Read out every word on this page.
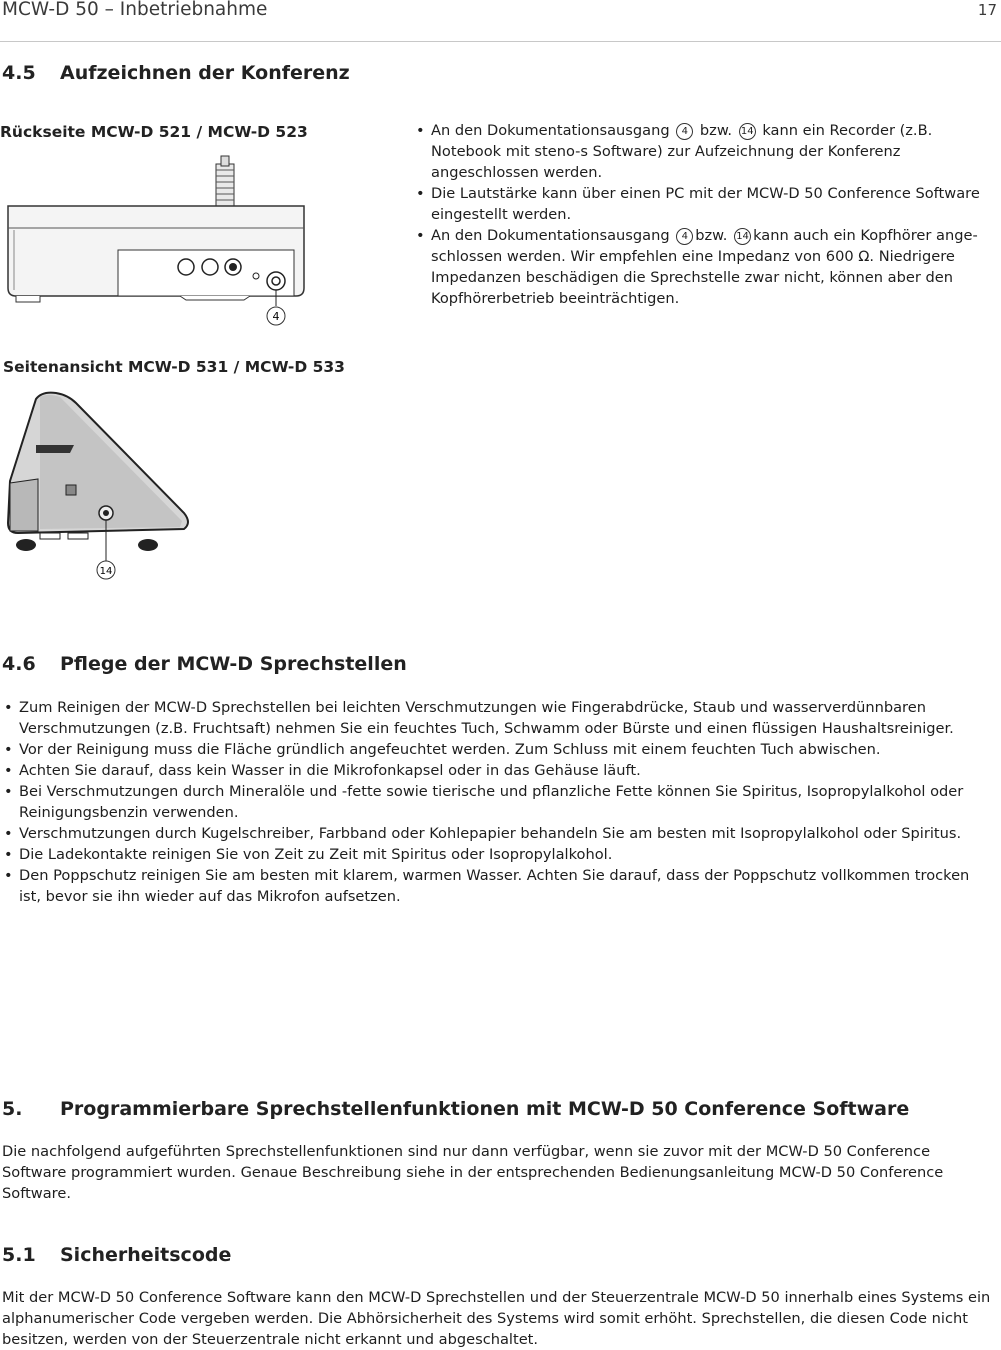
MCW-D 50 – Inbetriebnahme	17
4.5 Aufzeichnen der Konferenz
Rückseite MCW-D 521 / MCW-D 523
4
Seitenansicht MCW-D 531 / MCW-D 533
14
• An den Dokumentationsausgang 4 bzw. 14 kann ein Recorder (z.B. Notebook mit steno-s Software) zur Aufzeichnung der Konferenz angeschlossen werden.
• Die Lautstärke kann über einen PC mit der MCW-D 50 Conference Software eingestellt werden.
• An den Dokumentationsausgang 4 bzw. 14 kann auch ein Kopfhörer ange-schlossen werden. Wir empfehlen eine Impedanz von 600 Ω. Niedrigere Impedanzen beschädigen die Sprechstelle zwar nicht, können aber den Kopfhörerbetrieb beeinträchtigen.
4.6 Pflege der MCW-D Sprechstellen
• Zum Reinigen der MCW-D Sprechstellen bei leichten Verschmutzungen wie Fingerabdrücke, Staub und wasserverdünnbaren Verschmutzungen (z.B. Fruchtsaft) nehmen Sie ein feuchtes Tuch, Schwamm oder Bürste und einen flüssigen Haushaltsreiniger.
• Vor der Reinigung muss die Fläche gründlich angefeuchtet werden. Zum Schluss mit einem feuchten Tuch abwischen.
• Achten Sie darauf, dass kein Wasser in die Mikrofonkapsel oder in das Gehäuse läuft.
• Bei Verschmutzungen durch Mineralöle und -fette sowie tierische und pflanzliche Fette können Sie Spiritus, Isopropylalkohol oder Reinigungsbenzin verwenden.
• Verschmutzungen durch Kugelschreiber, Farbband oder Kohlepapier behandeln Sie am besten mit Isopropylalkohol oder Spiritus.
• Die Ladekontakte reinigen Sie von Zeit zu Zeit mit Spiritus oder Isopropylalkohol.
• Den Poppschutz reinigen Sie am besten mit klarem, warmen Wasser. Achten Sie darauf, dass der Poppschutz vollkommen trocken ist, bevor sie ihn wieder auf das Mikrofon aufsetzen.
5. Programmierbare Sprechstellenfunktionen mit MCW-D 50 Conference Software
Die nachfolgend aufgeführten Sprechstellenfunktionen sind nur dann verfügbar, wenn sie zuvor mit der MCW-D 50 Conference Software programmiert wurden. Genaue Beschreibung siehe in der entsprechenden Bedienungsanleitung MCW-D 50 Conference Software.
5.1 Sicherheitscode
Mit der MCW-D 50 Conference Software kann den MCW-D Sprechstellen und der Steuerzentrale MCW-D 50 innerhalb eines Systems ein alphanumerischer Code vergeben werden. Die Abhörsicherheit des Systems wird somit erhöht. Sprechstellen, die diesen Code nicht besitzen, werden von der Steuerzentrale nicht erkannt und abgeschaltet.
